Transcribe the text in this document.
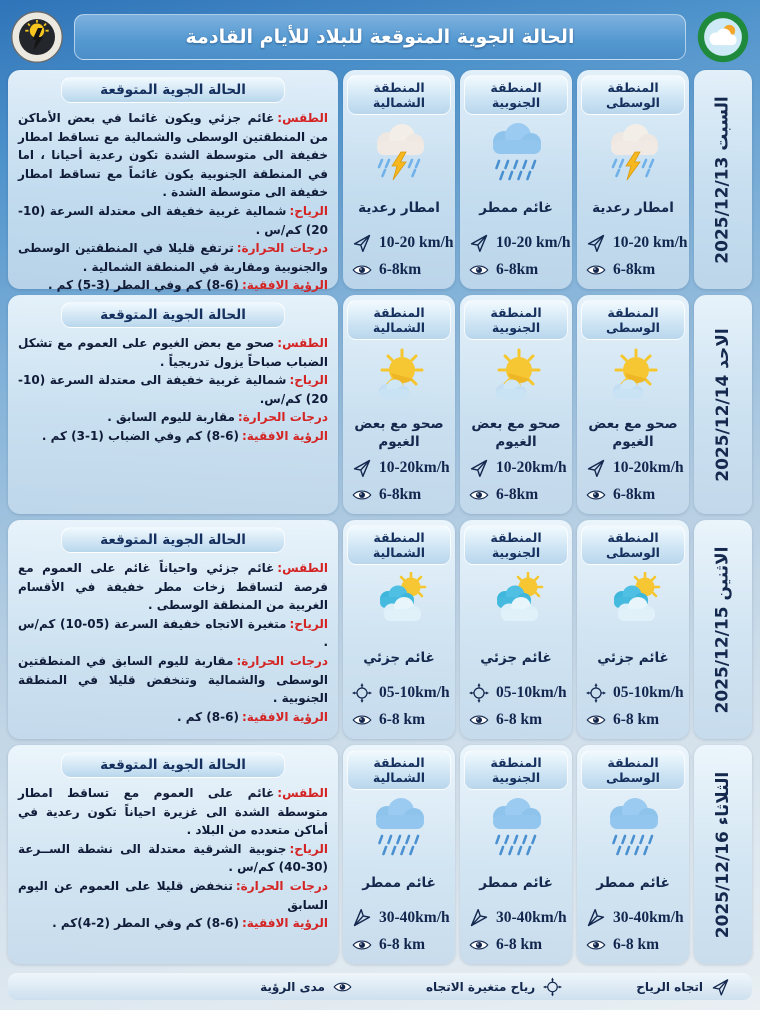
الحالة الجوية المتوقعة للبلاد للأيام القادمة
السبت 2025/12/13
المنطقة الوسطى
امطار رعدية
10-20 km/h
6-8km
المنطقة الجنوبية
غائم ممطر
10-20 km/h
6-8km
المنطقة الشمالية
امطار رعدية
10-20 km/h
6-8km
الحالة الجوية المتوقعة
الطقس:غائم جزئي ويكون غائما في بعض الأماكن من المنطقتين الوسطى والشمالية مع تساقط امطار خفيفة الى متوسطة الشدة تكون رعدية أحيانا ، اما في المنطقة الجنوبية يكون غائماً مع تساقط امطار خفيفة الى متوسطة الشدة .
الرياح:شمالية غربية خفيفة الى معتدلة السرعة (10-20) كم/س .
درجات الحرارة:ترتفع قليلا في المنطقتين الوسطى والجنوبية ومقاربة في المنطقة الشمالية .
الرؤية الافقية:(6-8) كم وفي المطر (3-5) كم .
الاحد 2025/12/14
المنطقة الوسطى
صحو مع بعض الغيوم
10-20km/h
6-8km
المنطقة الجنوبية
صحو مع بعض الغيوم
10-20km/h
6-8km
المنطقة الشمالية
صحو مع بعض الغيوم
10-20km/h
6-8km
الحالة الجوية المتوقعة
الطقس:صحو مع بعض الغيوم على العموم مع تشكل الضباب صباحاً يزول تدريجياً .
الرياح:شمالية غربية خفيفة الى معتدلة السرعة (10-20) كم/س.
درجات الحرارة:مقاربة لليوم السابق .
الرؤية الافقية:(6-8) كم وفي الضباب (1-3) كم .
الاثنين 2025/12/15
المنطقة الوسطى
غائم جزئي
05-10km/h
6-8 km
المنطقة الجنوبية
غائم جزئي
05-10km/h
6-8 km
المنطقة الشمالية
غائم جزئي
05-10km/h
6-8 km
الحالة الجوية المتوقعة
الطقس:غائم جزئي واحياناً غائم على العموم مع فرصة لتساقط زخات مطر خفيفة في الأقسام الغربية من المنطقة الوسطى .
الرياح:متغيرة الاتجاه خفيفة السرعة (05-10) كم/س .
درجات الحرارة:مقاربة لليوم السابق في المنطقتين الوسطى والشمالية وتنخفض قليلا في المنطقة الجنوبية .
الرؤية الافقية:(6-8) كم .
الثلاثاء 2025/12/16
المنطقة الوسطى
غائم ممطر
30-40km/h
6-8 km
المنطقة الجنوبية
غائم ممطر
30-40km/h
6-8 km
المنطقة الشمالية
غائم ممطر
30-40km/h
6-8 km
الحالة الجوية المتوقعة
الطقس:غائم على العموم مع تساقط امطار متوسطة الشدة الى غزيرة احياناً تكون رعدية في أماكن متعدده من البلاد .
الرياح:جنوبية الشرقية معتدلة الى نشطة الســرعة (30-40) كم/س .
درجات الحرارة:تنخفض قليلا على العموم عن اليوم السابق
الرؤية الافقية:(6-8) كم وفي المطر (2-4)كم .
اتجاه الرياح
رياح متغيرة الاتجاه
مدى الرؤية
